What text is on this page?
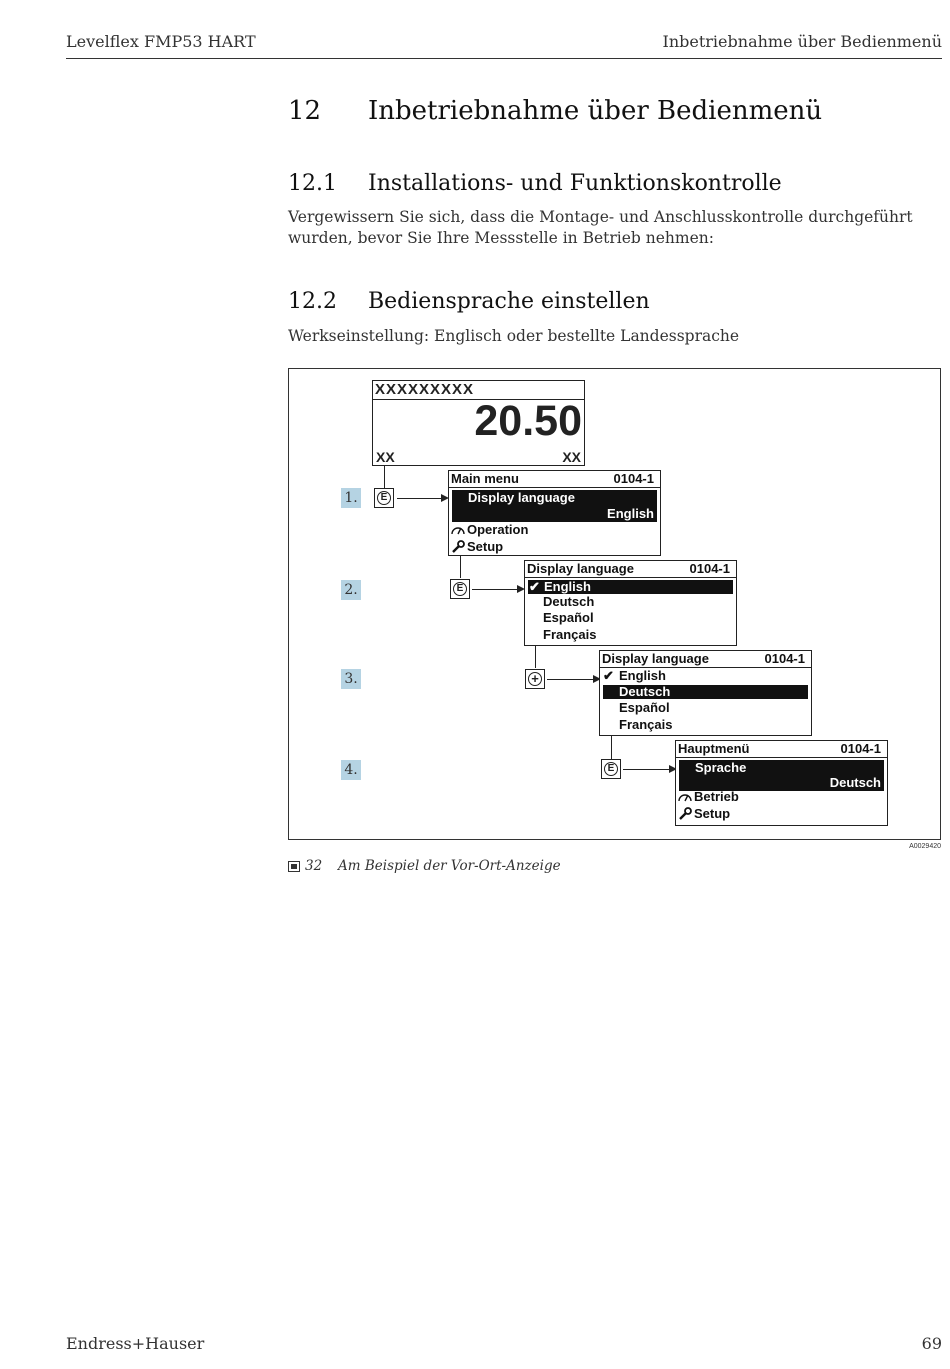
Levelflex FMP53 HART	Inbetriebnahme über Bedienmenü
12 Inbetriebnahme über Bedienmenü
12.1 Installations- und Funktionskontrolle
Vergewissern Sie sich, dass die Montage- und Anschlusskontrolle durchgeführt wurden, bevor Sie Ihre Messstelle in Betrieb nehmen:
12.2 Bediensprache einstellen
Werkseinstellung: Englisch oder bestellte Landessprache
XXXXXXXXX
20.50
XX	XX
1.
2.
3.
4.
E
E
+
E
Main menu	0104-1
Display language
English
Operation
Setup
Display language	0104-1
✔ English
Deutsch
Español
Français
Display language	0104-1
✔ English
Deutsch
Español
Français
Hauptmenü	0104-1
Sprache
Deutsch
Betrieb
Setup
A0029420
32 Am Beispiel der Vor-Ort-Anzeige
Endress+Hauser	69
